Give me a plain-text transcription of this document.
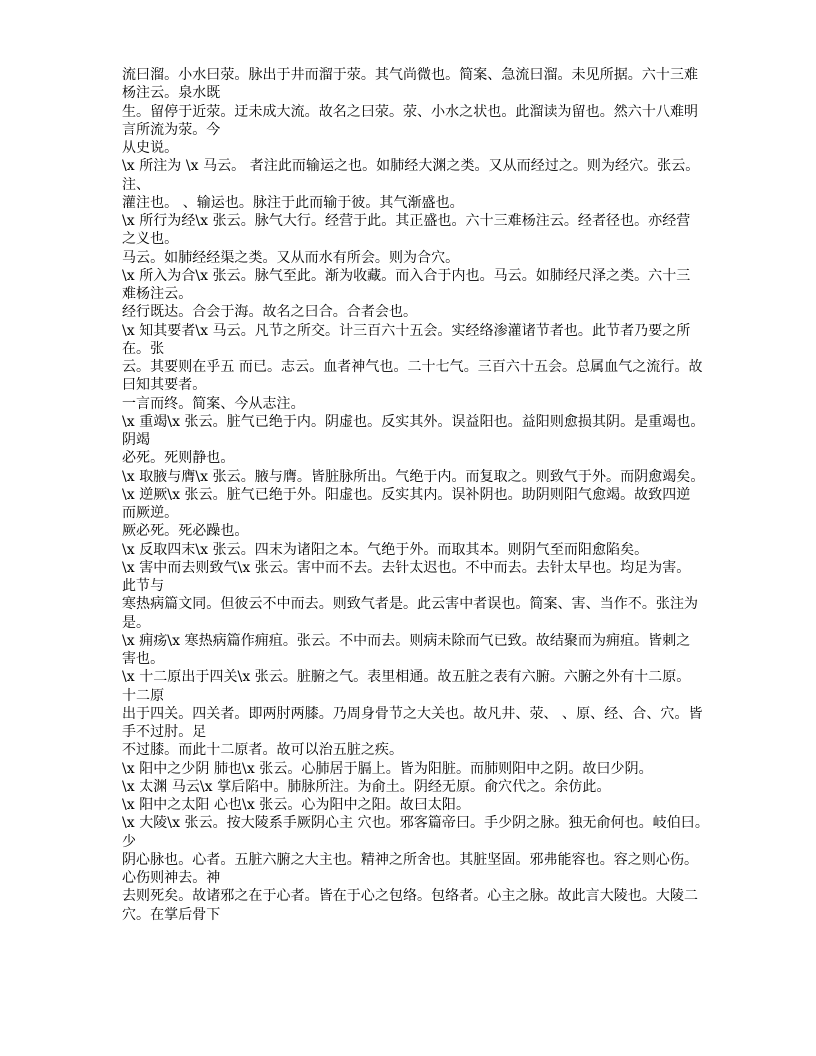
流曰溜。小水曰荥。脉出于井而溜于荥。其气尚微也。简案、急流曰溜。未见所据。六十三难
杨注云。泉水既
生。留停于近荥。迂未成大流。故名之曰荥。荥、小水之状也。此溜读为留也。然六十八难明
言所流为荥。今
从史说。
\x 所注为 \x 马云。 者注此而输运之也。如肺经大渊之类。又从而经过之。则为经穴。张云。
注、
灌注也。 、输运也。脉注于此而输于彼。其气渐盛也。
\x 所行为经\x 张云。脉气大行。经营于此。其正盛也。六十三难杨注云。经者径也。亦经营
之义也。
马云。如肺经经渠之类。又从而水有所会。则为合穴。
\x 所入为合\x 张云。脉气至此。渐为收藏。而入合于内也。马云。如肺经尺泽之类。六十三
难杨注云。
经行既达。合会于海。故名之曰合。合者会也。
\x 知其要者\x 马云。凡节之所交。计三百六十五会。实经络渗灌诸节者也。此节者乃要之所
在。张
云。其要则在乎五 而已。志云。血者神气也。二十七气。三百六十五会。总属血气之流行。故
曰知其要者。
一言而终。简案、今从志注。
\x 重竭\x 张云。脏气已绝于内。阴虚也。反实其外。误益阳也。益阳则愈损其阴。是重竭也。
阴竭
必死。死则静也。
\x 取腋与膺\x 张云。腋与膺。皆脏脉所出。气绝于内。而复取之。则致气于外。而阴愈竭矣。
\x 逆厥\x 张云。脏气已绝于外。阳虚也。反实其内。误补阴也。助阴则阳气愈竭。故致四逆
而厥逆。
厥必死。死必躁也。
\x 反取四末\x 张云。四末为诸阳之本。气绝于外。而取其本。则阴气至而阳愈陷矣。
\x 害中而去则致气\x 张云。害中而不去。去针太迟也。不中而去。去针太早也。均足为害。
此节与
寒热病篇文同。但彼云不中而去。则致气者是。此云害中者误也。简案、害、当作不。张注为
是。
\x 痈疡\x 寒热病篇作痈疽。张云。不中而去。则病未除而气已致。故结聚而为痈疽。皆刺之
害也。
\x 十二原出于四关\x 张云。脏腑之气。表里相通。故五脏之表有六腑。六腑之外有十二原。
十二原
出于四关。四关者。即两肘两膝。乃周身骨节之大关也。故凡井、荥、 、原、经、合、穴。皆
手不过肘。足
不过膝。而此十二原者。故可以治五脏之疾。
\x 阳中之少阴 肺也\x 张云。心肺居于膈上。皆为阳脏。而肺则阳中之阴。故曰少阴。
\x 太渊 马云\x 掌后陷中。肺脉所注。为俞土。阴经无原。俞穴代之。余仿此。
\x 阳中之太阳 心也\x 张云。心为阳中之阳。故曰太阳。
\x 大陵\x 张云。按大陵系手厥阴心主 穴也。邪客篇帝曰。手少阴之脉。独无俞何也。岐伯曰。
少
阴心脉也。心者。五脏六腑之大主也。精神之所舍也。其脏坚固。邪弗能容也。容之则心伤。
心伤则神去。神
去则死矣。故诸邪之在于心者。皆在于心之包络。包络者。心主之脉。故此言大陵也。大陵二
穴。在掌后骨下
